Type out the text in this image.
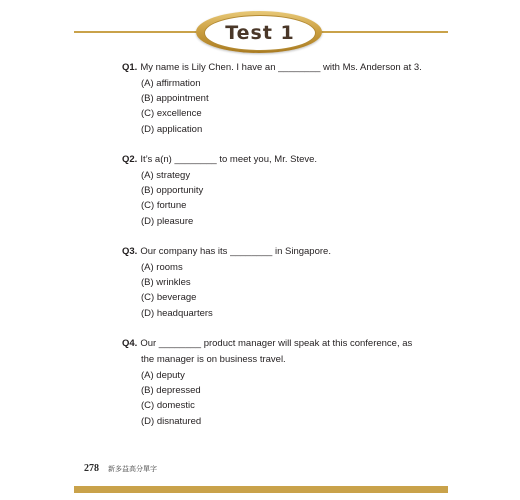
Test 1
Q1. My name is Lily Chen. I have an ________ with Ms. Anderson at 3.
(A) affirmation
(B) appointment
(C) excellence
(D) application
Q2. It’s a(n) ________ to meet you, Mr. Steve.
(A) strategy
(B) opportunity
(C) fortune
(D) pleasure
Q3. Our company has its ________ in Singapore.
(A) rooms
(B) wrinkles
(C) beverage
(D) headquarters
Q4. Our ________ product manager will speak at this conference, as
the manager is on business travel.
(A) deputy
(B) depressed
(C) domestic
(D) disnatured
278 新多益高分單字
